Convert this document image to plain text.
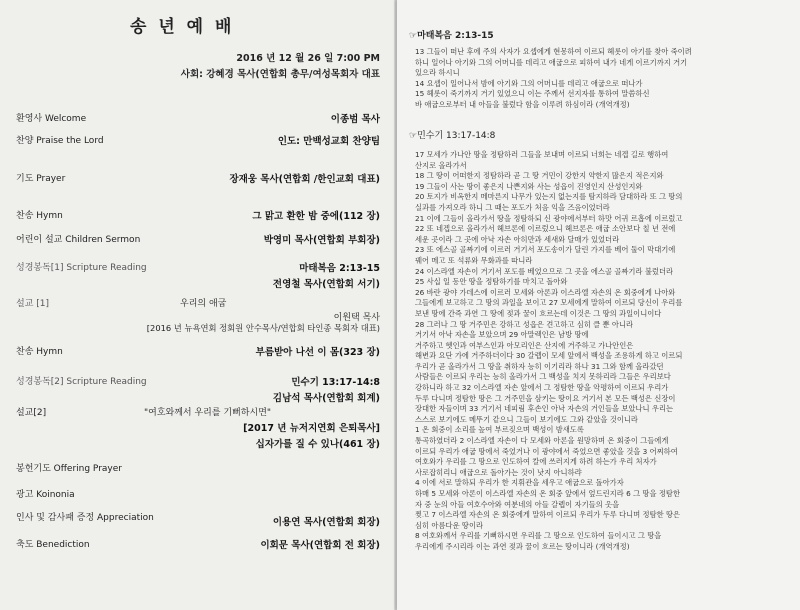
송 년 예 배
2016 년 12 월 26 일 7:00 PM
사회: 강혜경 목사(연합회 총무/여성목회자 대표
환영사 Welcome	이종범 목사
찬양 Praise the Lord	인도: 만백성교회 찬양팀
기도 Prayer	장재웅 목사(연합회 /한인교회 대표)
찬송 Hymn	그 맑고 환한 밤 중에(112 장)
어린이 설교 Children Sermon	박영미 목사(연합회 부회장)
성경봉독[1] Scripture Reading	마태복음 2:13-15
전영철 목사(연합회 서기)
설교 [1]	우리의 애굽
이원택 목사
[2016 년 뉴욕연회 정회원 안수목사/연합회 타인종 목회자 대표)
찬송 Hymn	부름받아 나선 이 몸(323 장)
성경봉독[2] Scripture Reading	민수기 13:17-14:8
김남석 목사(연합회 회계)
설교[2]	"여호와께서 우리를 기뻐하시면"
[2017 년 뉴저지연회 은퇴목사]
십자가를 질 수 있나(461 장)
봉헌기도 Offering Prayer
광고 Koinonia
인사 및 감사패 증정 Appreciation	이용연 목사(연합회 회장)
축도 Benediction	이회문 목사(연합회 전 회장)
☞마태복음 2:13-15
13 그들이 떠난 후에 주의 사자가 요셉에게 현몽하여 이르되 헤롯이 아기를 찾아 죽이려
하니 일어나 아기와 그의 어머니를 데리고 애굽으로 피하여 내가 네게 이르기까지 거기
있으라 하시니
14 요셉이 일어나서 밤에 아기와 그의 어머니를 데리고 애굽으로 떠나가
15 헤롯이 죽기까지 거기 있었으니 이는 주께서 선지자를 통하여 말씀하신
바 애굽으로부터 내 아들을 불렀다 함을 이루려 하심이라 (개역개정)
☞민수기 13:17-14:8
17 모세가 가나안 땅을 정탐하러 그들을 보내며 이르되 너희는 네겝 길로 행하여
산지로 올라가서
18 그 땅이 어떠한지 정탐하라 곧 그 땅 거민이 강한지 약한지 많은지 적은지와
19 그들이 사는 땅이 좋은지 나쁜지와 사는 성읍이 진영인지 산성인지와
20 토지가 비옥한지 메마른지 나무가 있는지 없는지를 탐지하라 담대하라 또 그 땅의
실과를 가져오라 하니 그 때는 포도가 처음 익을 즈음이었더라
21 이에 그들이 올라가서 땅을 정탐하되 신 광야에서부터 하맛 어귀 르홉에 이르렀고
22 또 네겝으로 올라가서 헤브론에 이르렀으니 헤브론은 애굽 소안보다 칠 년 전에
세운 곳이라 그 곳에 아낙 자손 아히만과 세새와 달매가 있었더라
23 또 에스골 골짜기에 이르러 거기서 포도송이가 달린 가지를 베어 둘이 막대기에
꿰어 메고 또 석류와 무화과를 따니라
24 이스라엘 자손이 거기서 포도를 베었으므로 그 곳을 에스골 골짜기라 불렀더라
25 사십 일 동안 땅을 정탐하기를 마치고 돌아와
26 바란 광야 가데스에 이르러 모세와 아론과 이스라엘 자손의 온 회중에게 나아와
그들에게 보고하고 그 땅의 과일을 보이고 27 모세에게 말하여 이르되 당신이 우리를
보낸 땅에 간즉 과연 그 땅에 젖과 꿀이 흐르는데 이것은 그 땅의 과일이니이다
28 그러나 그 땅 거주민은 강하고 성읍은 견고하고 심히 클 뿐 아니라
거기서 아낙 자손을 보았으며 29 아말렉인은 남방 땅에
거주하고 헷인과 여부스인과 아모리인은 산지에 거주하고 가나안인은
해변과 요단 가에 거주하더이다 30 갈렙이 모세 앞에서 백성을 조용하게 하고 이르되
우리가 곧 올라가서 그 땅을 취하자 능히 이기리라 하나 31 그와 함께 올라갔던
사람들은 이르되 우리는 능히 올라가서 그 백성을 치지 못하리라 그들은 우리보다
강하니라 하고 32 이스라엘 자손 앞에서 그 정탐한 땅을 악평하여 이르되 우리가
두루 다니며 정탐한 땅은 그 거주민을 삼키는 땅이요 거기서 본 모든 백성은 신장이
장대한 자들이며 33 거기서 네피림 후손인 아낙 자손의 거인들을 보았나니 우리는
스스로 보기에도 메뚜기 같으니 그들이 보기에도 그와 같았을 것이니라
1 온 회중이 소리를 높여 부르짖으며 백성이 밤새도록
통곡하였더라 2 이스라엘 자손이 다 모세와 아론을 원망하며 온 회중이 그들에게
이르되 우리가 애굽 땅에서 죽었거나 이 광야에서 죽었으면 좋았을 것을 3 어찌하여
여호와가 우리를 그 땅으로 인도하여 칼에 쓰러지게 하려 하는가 우리 처자가
사로잡히리니 애굽으로 돌아가는 것이 낫지 아니하랴
4 이에 서로 말하되 우리가 한 지휘관을 세우고 애굽으로 돌아가자
하매 5 모세와 아론이 이스라엘 자손의 온 회중 앞에서 엎드린지라 6 그 땅을 정탐한
자 중 눈의 아들 여호수아와 여분네의 아들 갈렙이 자기들의 옷을
찢고 7 이스라엘 자손의 온 회중에게 말하여 이르되 우리가 두루 다니며 정탐한 땅은
심히 아름다운 땅이라
8 여호와께서 우리를 기뻐하시면 우리를 그 땅으로 인도하여 들이시고 그 땅을
우리에게 주시리라 이는 과연 젖과 꿀이 흐르는 땅이니라 (개역개정)
